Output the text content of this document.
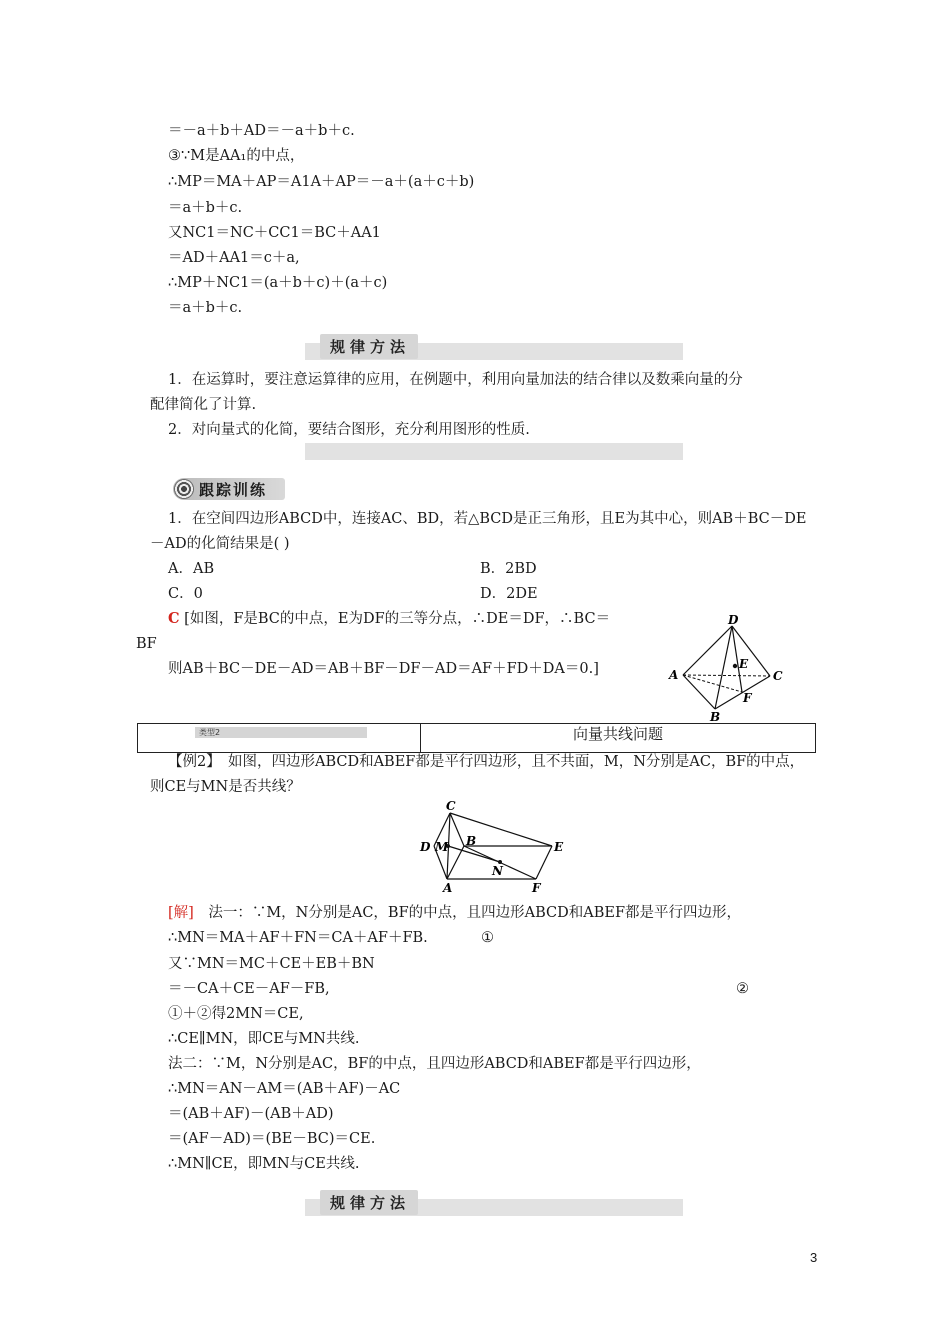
＝－a＋b＋AD＝－a＋b＋c.
③∵M是AA₁的中点，
∴MP＝MA＋AP＝A1A＋AP＝－a＋(a＋c＋b)
＝a＋b＋c.
又NC1＝NC＋CC1＝BC＋AA1
＝AD＋AA1＝c＋a,
∴MP＋NC1＝(a＋b＋c)＋(a＋c)
＝a＋b＋c.
规律方法
1．在运算时，要注意运算律的应用，在例题中，利用向量加法的结合律以及数乘向量的分
配律简化了计算.
2．对向量式的化简，要结合图形，充分利用图形的性质.
跟踪训练
1．在空间四边形ABCD中，连接AC、BD，若△BCD是正三角形，且E为其中心，则AB＋BC－DE
－AD的化简结果是( )
A．AB	B．2BD
C．0	D．2DE
C [如图，F是BC的中点，E为DF的三等分点，∴DE＝DF，∴BC＝
BF
则AB＋BC－DE－AD＝AB＋BF－DF－AD＝AF＋FD＋DA＝0.]
D
A	C
E
F
B
类型2	向量共线问题
【例2】　如图，四边形ABCD和ABEF都是平行四边形，且不共面，M，N分别是AC，BF的中点，
则CE与MN是否共线？
C
D M B	E
N
A	F
[解]　法一：∵M，N分别是AC，BF的中点，且四边形ABCD和ABEF都是平行四边形，
∴MN＝MA＋AF＋FN＝CA＋AF＋FB.	①
又∵MN＝MC＋CE＋EB＋BN
＝－CA＋CE－AF－FB,	②
①＋②得2MN＝CE,
∴CE∥MN，即CE与MN共线.
法二：∵M，N分别是AC，BF的中点，且四边形ABCD和ABEF都是平行四边形，
∴MN＝AN－AM＝(AB＋AF)－AC
＝(AB＋AF)－(AB＋AD)
＝(AF－AD)＝(BE－BC)＝CE.
∴MN∥CE，即MN与CE共线.
规律方法
3
